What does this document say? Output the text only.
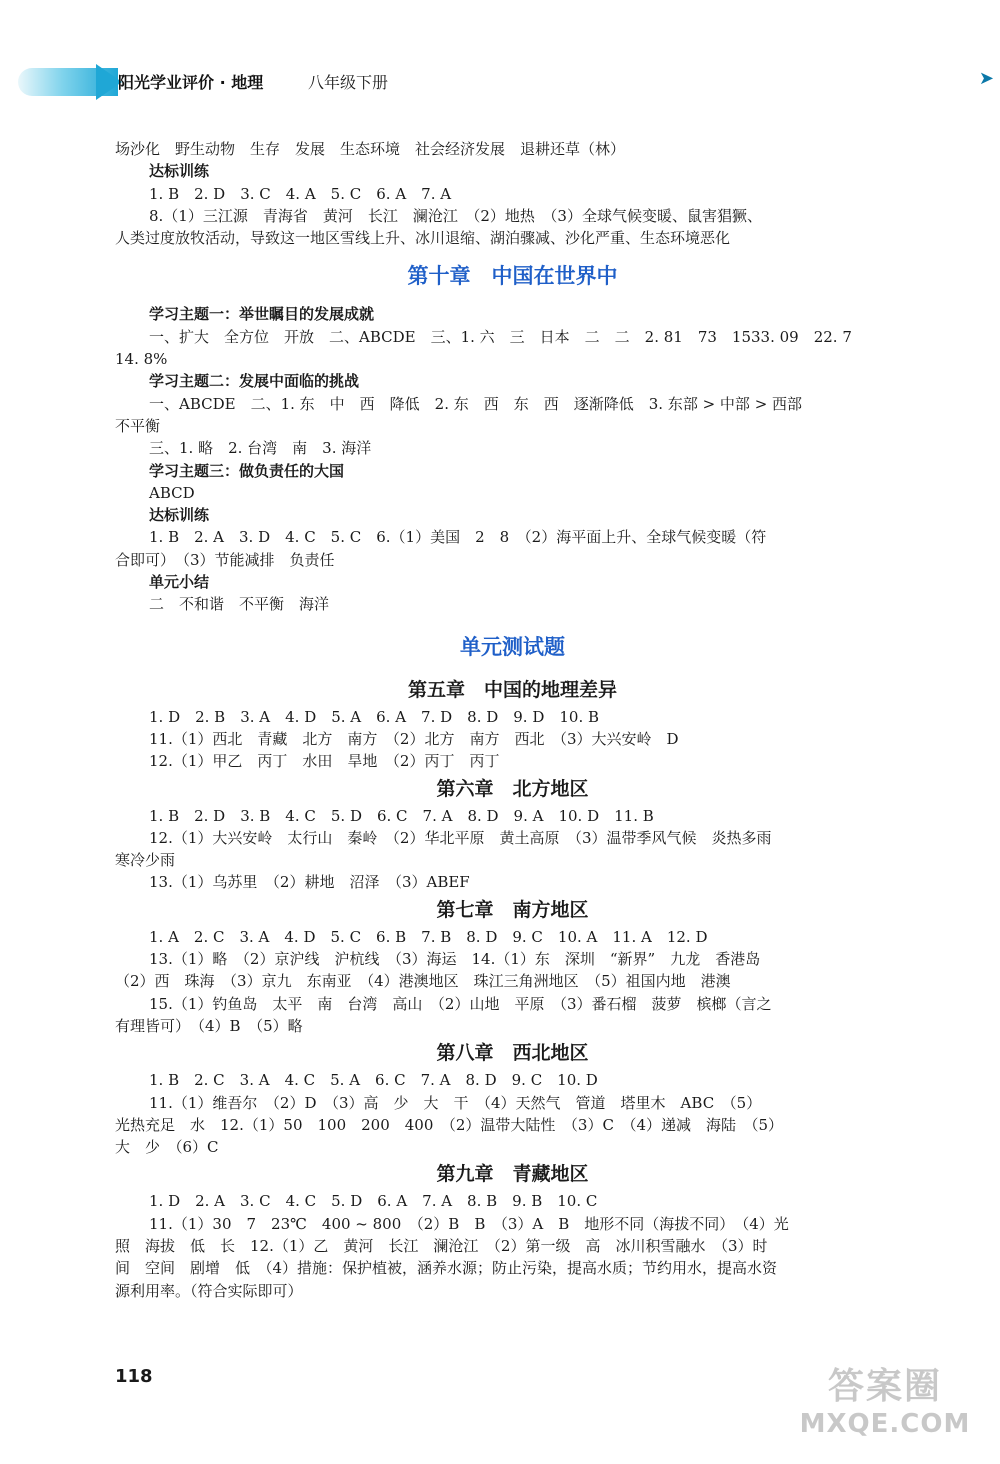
阳光学业评价 · 地理	八年级下册	➤

场沙化　野生动物　生存　发展　生态环境　社会经济发展　退耕还草（林）

达标训练

1. B　2. D　3. C　4. A　5. C　6. A　7. A

8.（1）三江源　青海省　黄河　长江　澜沧江　（2）地热　（3）全球气候变暖、鼠害猖獗、

人类过度放牧活动，导致这一地区雪线上升、冰川退缩、湖泊骤减、沙化严重、生态环境恶化

第十章　中国在世界中

学习主题一：举世瞩目的发展成就

一、扩大　全方位　开放　二、ABCDE　三、1. 六　三　日本　二　二　2. 81　73　1533. 09　22. 7

14. 8%

学习主题二：发展中面临的挑战

一、ABCDE　二、1. 东　中　西　降低　2. 东　西　东　西　逐渐降低　3. 东部 > 中部 > 西部

不平衡

三、1. 略　2. 台湾　南　3. 海洋

学习主题三：做负责任的大国

ABCD

达标训练

1. B　2. A　3. D　4. C　5. C　6.（1）美国　2　8　（2）海平面上升、全球气候变暖（符

合即可）　（3）节能减排　负责任

单元小结

二　不和谐　不平衡　海洋

单元测试题
第五章　中国的地理差异

1. D　2. B　3. A　4. D　5. A　6. A　7. D　8. D　9. D　10. B

11.（1）西北　青藏　北方　南方　（2）北方　南方　西北　（3）大兴安岭　D

12.（1）甲乙　丙丁　水田　旱地　（2）丙丁　丙丁

第六章　北方地区

1. B　2. D　3. B　4. C　5. D　6. C　7. A　8. D　9. A　10. D　11. B

12.（1）大兴安岭　太行山　秦岭　（2）华北平原　黄土高原　（3）温带季风气候　炎热多雨

寒冷少雨

13.（1）乌苏里　（2）耕地　沼泽　（3）ABEF

第七章　南方地区

1. A　2. C　3. A　4. D　5. C　6. B　7. B　8. D　9. C　10. A　11. A　12. D

13.（1）略　（2）京沪线　沪杭线　（3）海运　14.（1）东　深圳　“新界”　九龙　香港岛

（2）西　珠海　（3）京九　东南亚　（4）港澳地区　珠江三角洲地区　（5）祖国内地　港澳

15.（1）钓鱼岛　太平　南　台湾　高山　（2）山地　平原　（3）番石榴　菠萝　槟榔（言之

有理皆可）　（4）B　（5）略

第八章　西北地区

1. B　2. C　3. A　4. C　5. A　6. C　7. A　8. D　9. C　10. D

11.（1）维吾尔　（2）D　（3）高　少　大　干　（4）天然气　管道　塔里木　ABC　（5）

光热充足　水　12.（1）50　100　200　400　（2）温带大陆性　（3）C　（4）递减　海陆　（5）

大　少　（6）C

第九章　青藏地区

1. D　2. A　3. C　4. C　5. D　6. A　7. A　8. B　9. B　10. C

11.（1）30　7　23℃　400 ~ 800　（2）B　B　（3）A　B　地形不同（海拔不同）　（4）光

照　海拔　低　长　12.（1）乙　黄河　长江　澜沧江　（2）第一级　高　冰川积雪融水　（3）时

间　空间　剧增　低　（4）措施：保护植被，涵养水源；防止污染，提高水质；节约用水，提高水资

源利用率。（符合实际即可）

118	答案圈
MXQE.COM
